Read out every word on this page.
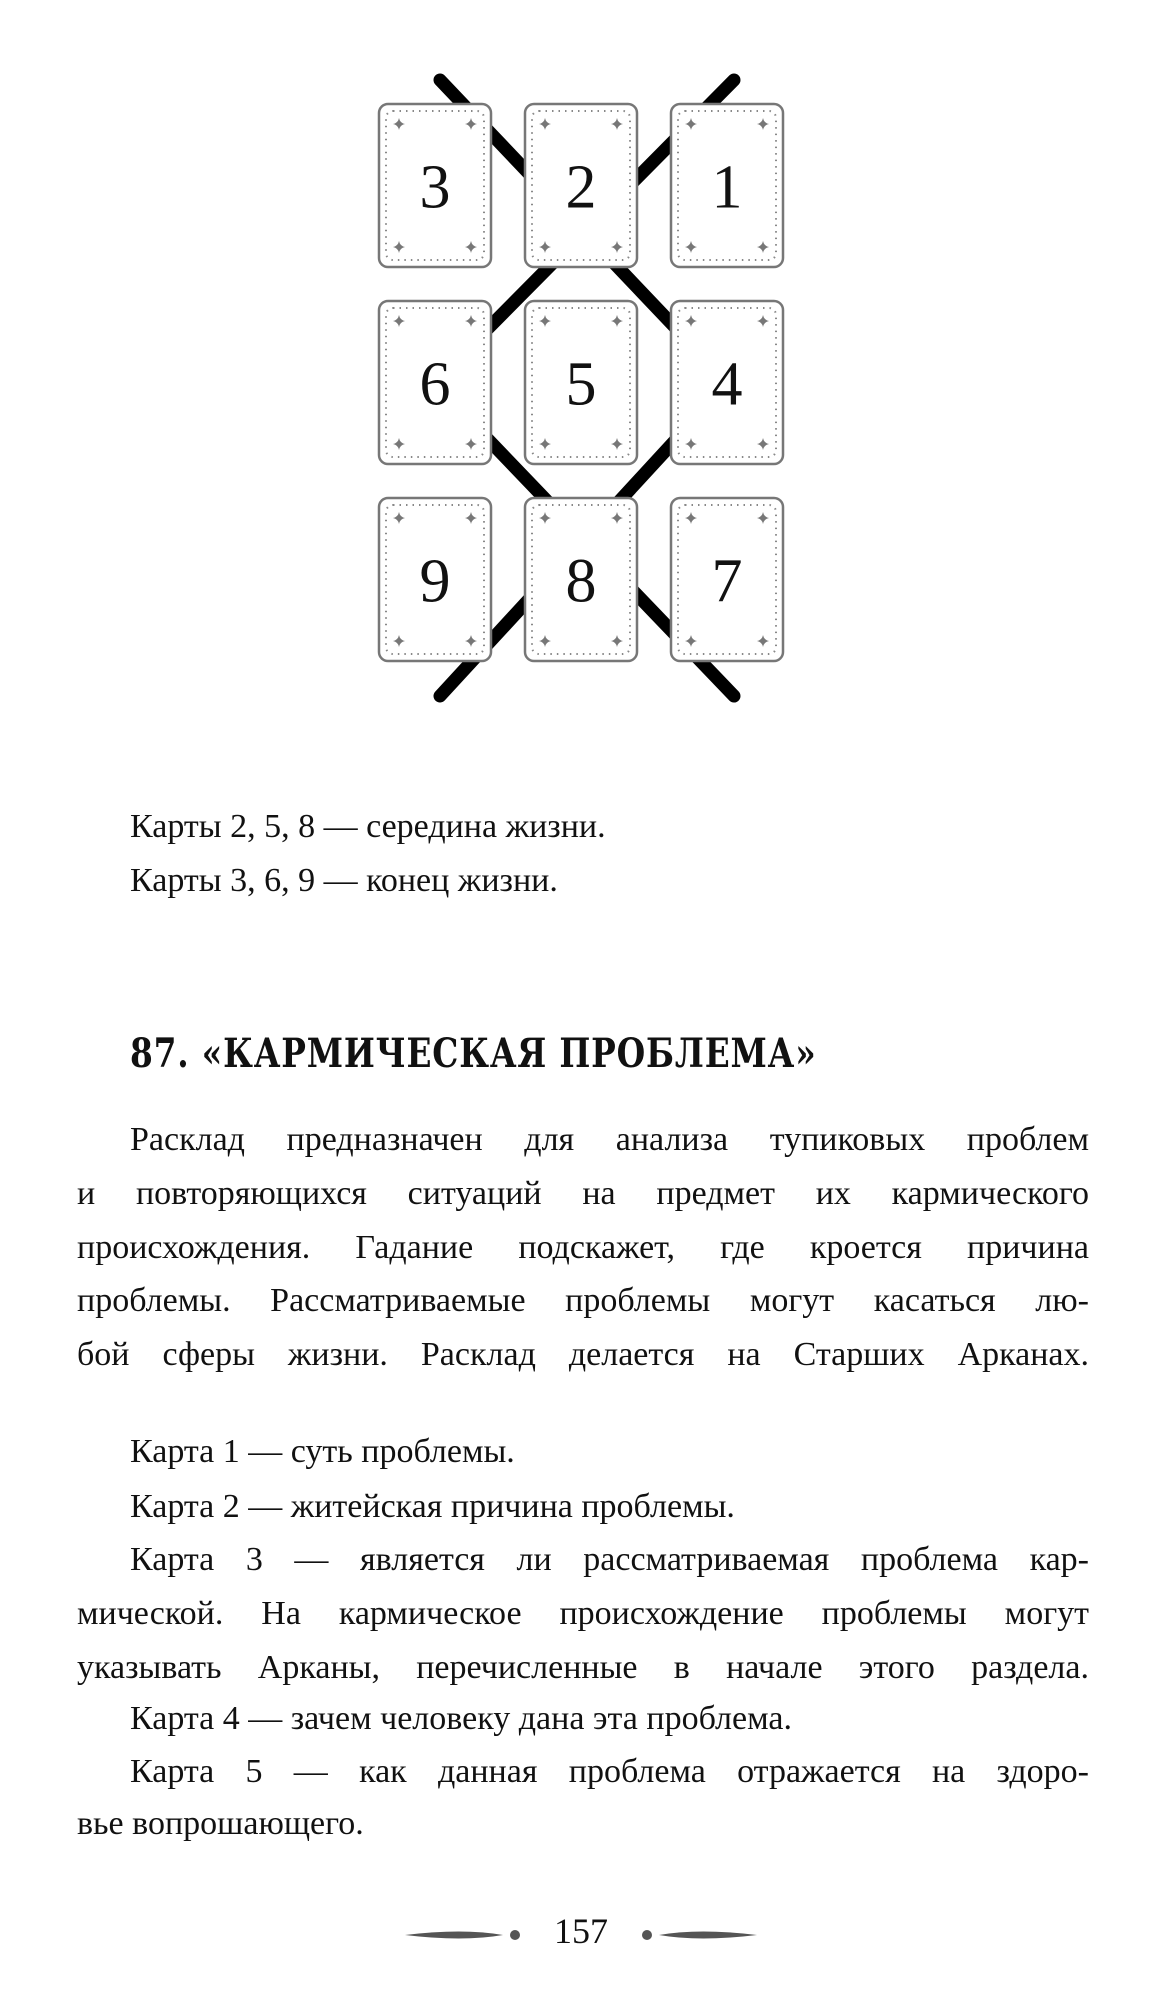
3 2 1
6 5 4
9 8 7
Карты 2, 5, 8 — середина жизни.
Карты 3, 6, 9 — конец жизни.
87. «КАРМИЧЕСКАЯ ПРОБЛЕМА»
Расклад предназначен для анализа тупиковых проблем
и повторяющихся ситуаций на предмет их кармического
происхождения. Гадание подскажет, где кроется причина
проблемы. Рассматриваемые проблемы могут касаться лю-
бой сферы жизни. Расклад делается на Старших Арканах.
Карта 1 — суть проблемы.
Карта 2 — житейская причина проблемы.
Карта 3 — является ли рассматриваемая проблема кар-
мической. На кармическое происхождение проблемы могут
указывать Арканы, перечисленные в начале этого раздела.
Карта 4 — зачем человеку дана эта проблема.
Карта 5 — как данная проблема отражается на здоро-
вье вопрошающего.
157
